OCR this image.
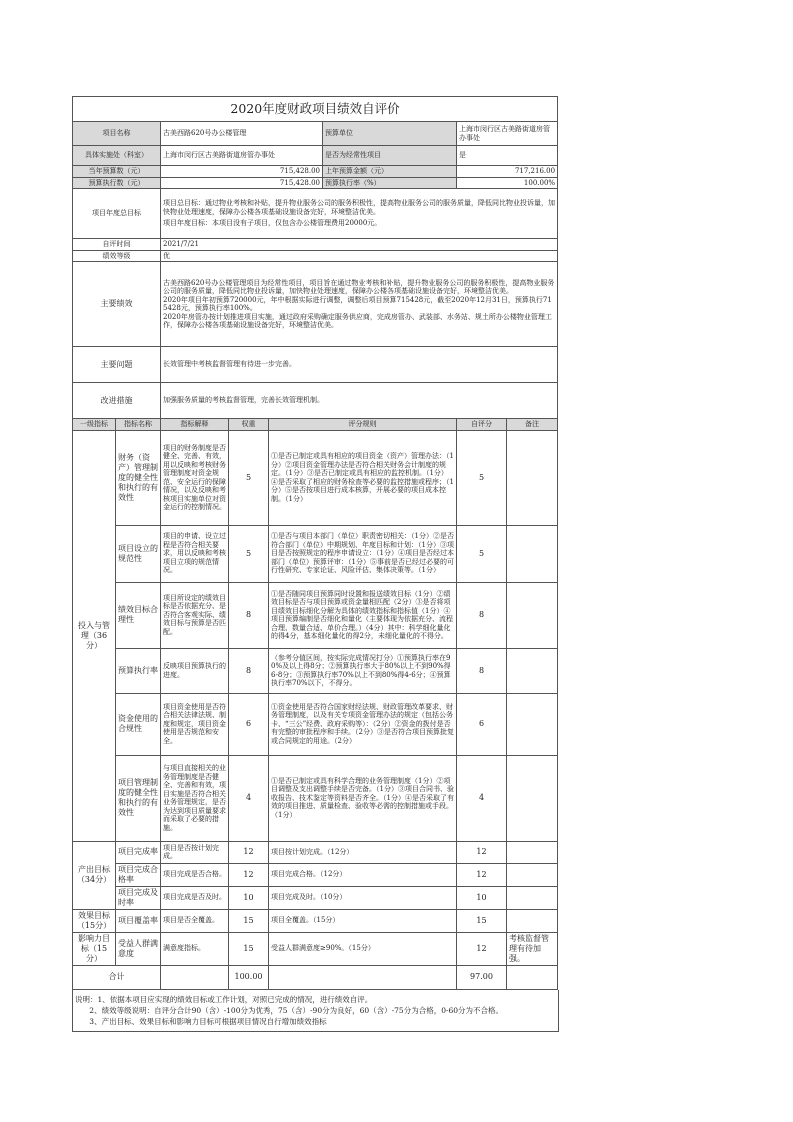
2020年度财政项目绩效自评价							
项目名称		古美西路620号办公楼管理			预算单位	上海市闵行区古美路街道房管办事处	
具体实施处（科室）		上海市闵行区古美路街道房管办事处			是否为经常性项目	是	
当年预算数（元）		715,428.00			上年预算金额（元）	717,216.00	
预算执行数（元）		715,428.00			预算执行率（%）	100.00%	
项目年度总目标		项目总目标：通过物业考核和补贴，提升物业服务公司的服务积极性，提高物业服务公司的服务质量，降低同比物业投诉量，加快物业处理速度，保障办公楼各项基础设施设备完好，环境整洁优美。
项目年度目标：本项目没有子项目，仅包含办公楼管理费用20000元。					

自评时间		2021/7/21					
绩效等级		优					
主要绩效		古美西路620号办公楼管理项目为经常性项目，项目旨在通过物业考核和补贴，提升物业服务公司的服务积极性，提高物业服务公司的服务质量，降低同比物业投诉量，加快物业处理速度，保障办公楼各项基础设施设备完好，环境整洁优美。
2020年项目年初预算720000元，年中根据实际进行调整，调整后项目预算715428元，截至2020年12月31日，预算执行715428元，预算执行率100%。
2020年房管办按计划推进项目实施，通过政府采购确定服务供应商，完成房管办、武装部、水务站、规土所办公楼物业管理工作，保障办公楼各项基础设施设备完好，环境整洁优美。					

主要问题		长效管理中考核监督管理有待进一步完善。					
改进措施		加强服务质量的考核监督管理，完善长效管理机制。					
一级指标	指标名称	指标解释	权重	评分规则		自评分	备注
投入与管理（36分）	财务（资产）管理制度的健全性和执行的有效性	项目的财务制度是否健全、完善、有效，用以反映和考核财务管理制度对资金规范、安全运行的保障情况，以及反映和考核项目实施单位对资金运行的控制情况。	5	①是否已制定或具有相应的项目资金（资产）管理办法：（1分）②项目资金管理办法是否符合相关财务会计制度的规定。（1分）③是否已制定或具有相应的监控机制。（1分）④是否采取了相应的财务检查等必要的监控措施或程序；（1分）⑤是否按项目进行成本核算，开展必要的项目成本控制。（1分）		5	
	项目设立的规范性	项目的申请、设立过程是否符合相关要求，用以反映和考核项目立项的规范情况。	5	①是否与项目本部门（单位）职责密切相关：（1分）②是否符合部门（单位）中期规划、年度目标和计划：（1分）③项目是否按照规定的程序申请设立：（1分）④项目是否经过本部门（单位）预算评审：（1分）⑤事前是否已经过必要的可行性研究、专家论证、风险评估、集体决策等。（1分）		5	
	绩效目标合理性	项目所设定的绩效目标是否依据充分、是否符合客观实际、绩效目标与预算是否匹配。	8	①是否随同项目预算同时设置和报送绩效目标（1分）②绩效目标是否与项目预算或资金量相匹配（2分）③是否将项目绩效目标细化分解为具体的绩效指标和指标值（1分）④项目预算编制是否细化和量化（主要体现为依据充分、流程合理、数量合适、单价合理。）（4分）其中：科学细化量化的得4分，基本细化量化的得2分，未细化量化的不得分。		8	
	预算执行率	反映项目预算执行的进度。	8	（参考分值区间，按实际完成情况打分）①预算执行率在90%及以上得8分；②预算执行率大于80%以上不到90%得6-8分；③预算执行率70%以上不到80%得4-6分；④预算执行率70%以下，不得分。		8	
	资金使用的合规性	项目资金使用是否符合相关法律法规、制度和规定，项目资金使用是否规范和安全。	6	①资金使用是否符合国家财经法规、财政管理改革要求、财务管理制度，以及有关专项资金管理办法的规定（包括公务卡、“三公”经费、政府采购等）：（2分）②资金的拨付是否有完整的审批程序和手续。（2分）③是否符合项目预算批复或合同规定的用途。（2分）		6	
	项目管理制度的健全性和执行的有效性	与项目直接相关的业务管理制度是否健全、完善和有效，项目实施是否符合相关业务管理规定，是否为达到项目质量要求而采取了必要的措施。	4	①是否已制定或具有科学合理的业务管理制度（1分）②项目调整及支出调整手续是否完备。（1分）③项目合同书、验收报告、技术鉴定等资料是否齐全。（1分）④是否采取了有效的项目推进、质量检查、验收等必需的控制措施或手段。（1分）		4	
产出目标（34分）	项目完成率	项目是否按计划完成。	12	项目按计划完成。（12分）		12	
	项目完成合格率	项目完成是否合格。	12	项目完成合格。（12分）		12	
	项目完成及时率	项目完成是否及时。	10	项目完成及时。（10分）		10	
效果目标（15分）	项目覆盖率	项目是否全覆盖。	15	项目全覆盖。（15分）		15	
影响力目标（15分）	受益人群满意度	满意度指标。	15	受益人群满意度≥90%。（15分）		12	考核监督管理有待加强。
合计			100.00			97.00	
说明：1、依据本项目应实现的绩效目标或工作计划，对照已完成的情况，进行绩效自评。
2、绩效等级说明：自评分合计90（含）-100分为优秀，75（含）-90分为良好，60（含）-75分为合格，0-60分为不合格。
3、产出目标、效果目标和影响力目标可根据项目情况自行增加绩效指标
